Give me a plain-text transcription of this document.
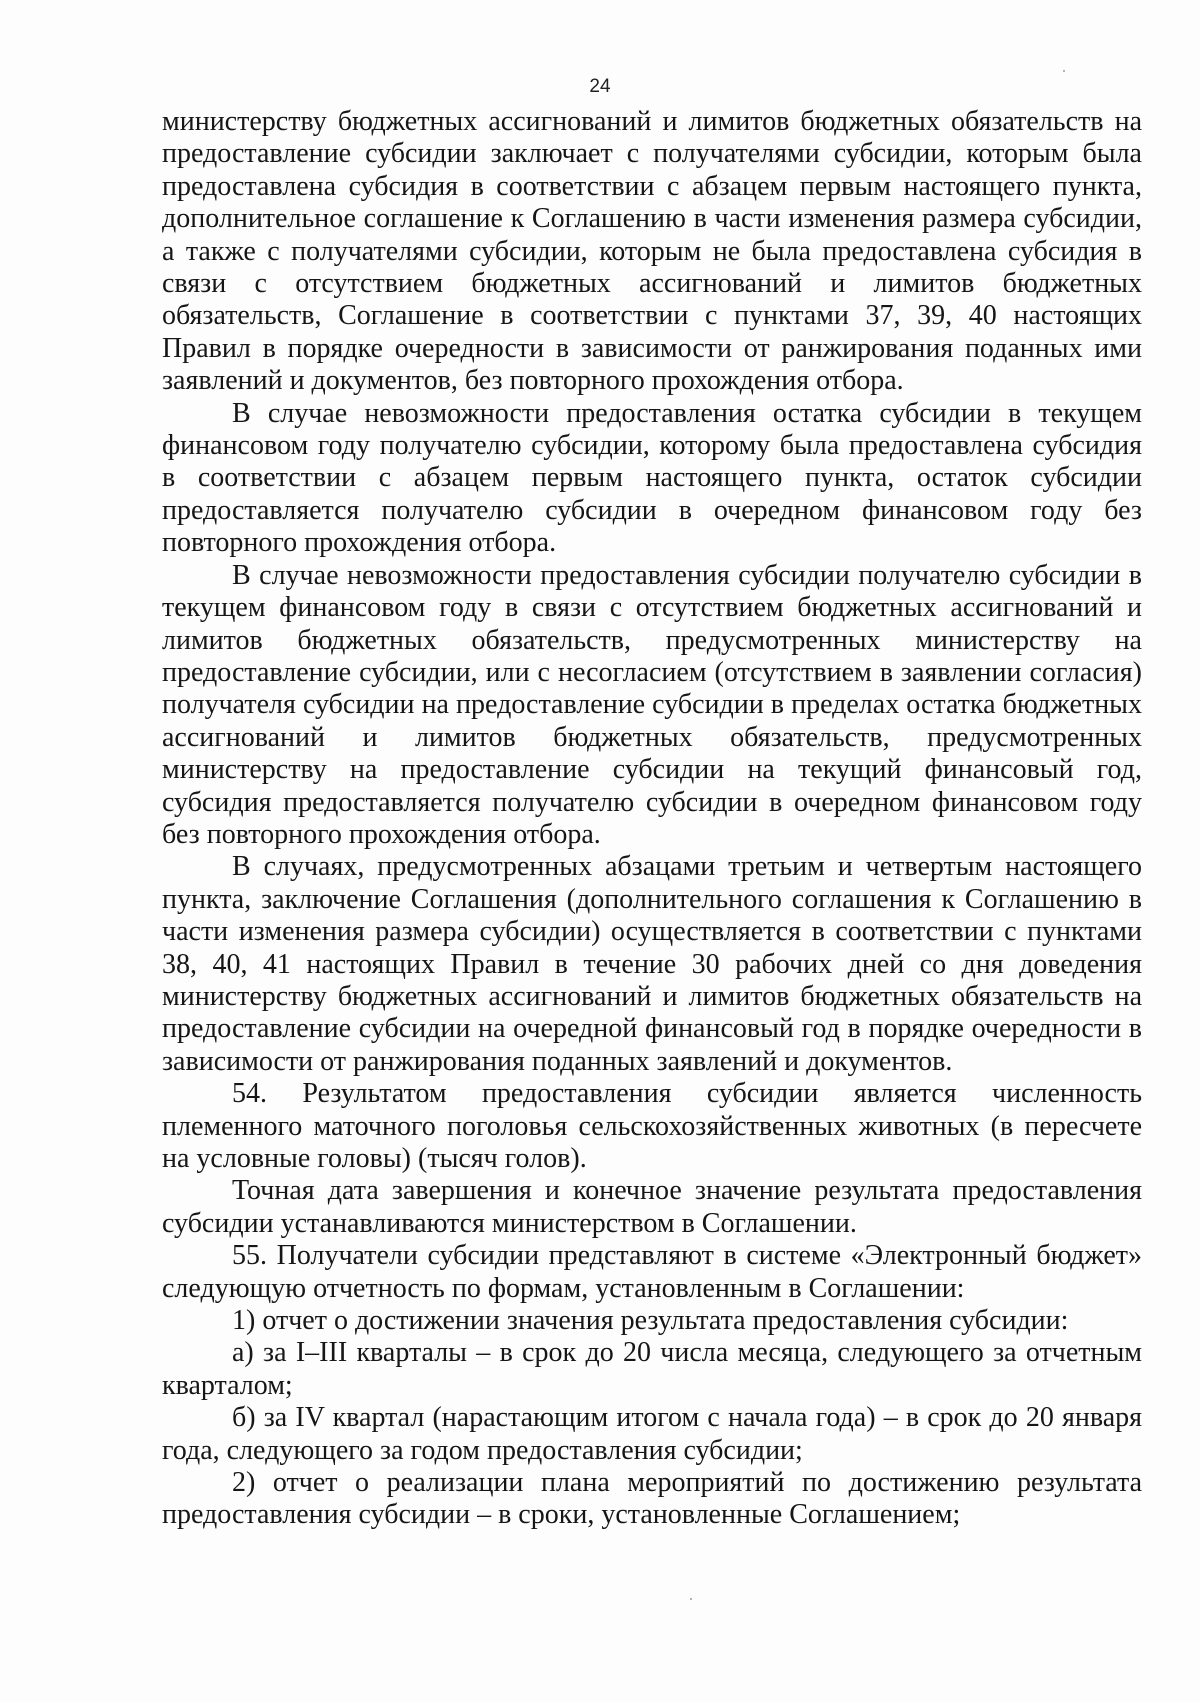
24

министерству бюджетных ассигнований и лимитов бюджетных обязательств на предоставление субсидии заключает с получателями субсидии, которым была предоставлена субсидия в соответствии с абзацем первым настоящего пункта, дополнительное соглашение к Соглашению в части изменения размера субсидии, а также с получателями субсидии, которым не была предоставлена субсидия в связи с отсутствием бюджетных ассигнований и лимитов бюджетных обязательств, Соглашение в соответствии с пунктами 37, 39, 40 настоящих Правил в порядке очередности в зависимости от ранжирования поданных ими заявлений и документов, без повторного прохождения отбора.

В случае невозможности предоставления остатка субсидии в текущем финансовом году получателю субсидии, которому была предоставлена субсидия в соответствии с абзацем первым настоящего пункта, остаток субсидии предоставляется получателю субсидии в очередном финансовом году без повторного прохождения отбора.

В случае невозможности предоставления субсидии получателю субсидии в текущем финансовом году в связи с отсутствием бюджетных ассигнований и лимитов бюджетных обязательств, предусмотренных министерству на предоставление субсидии, или с несогласием (отсутствием в заявлении согласия) получателя субсидии на предоставление субсидии в пределах остатка бюджетных ассигнований и лимитов бюджетных обязательств, предусмотренных министерству на предоставление субсидии на текущий финансовый год, субсидия предоставляется получателю субсидии в очередном финансовом году без повторного прохождения отбора.

В случаях, предусмотренных абзацами третьим и четвертым настоящего пункта, заключение Соглашения (дополнительного соглашения к Соглашению в части изменения размера субсидии) осуществляется в соответствии с пунктами 38, 40, 41 настоящих Правил в течение 30 рабочих дней со дня доведения министерству бюджетных ассигнований и лимитов бюджетных обязательств на предоставление субсидии на очередной финансовый год в порядке очередности в зависимости от ранжирования поданных заявлений и документов.

54. Результатом предоставления субсидии является численность племенного маточного поголовья сельскохозяйственных животных (в пересчете на условные головы) (тысяч голов).

Точная дата завершения и конечное значение результата предоставления субсидии устанавливаются министерством в Соглашении.

55. Получатели субсидии представляют в системе «Электронный бюджет» следующую отчетность по формам, установленным в Соглашении:

1) отчет о достижении значения результата предоставления субсидии:

а) за I–III кварталы – в срок до 20 числа месяца, следующего за отчетным кварталом;

б) за IV квартал (нарастающим итогом с начала года) – в срок до 20 января года, следующего за годом предоставления субсидии;

2) отчет о реализации плана мероприятий по достижению результата предоставления субсидии – в сроки, установленные Соглашением;
